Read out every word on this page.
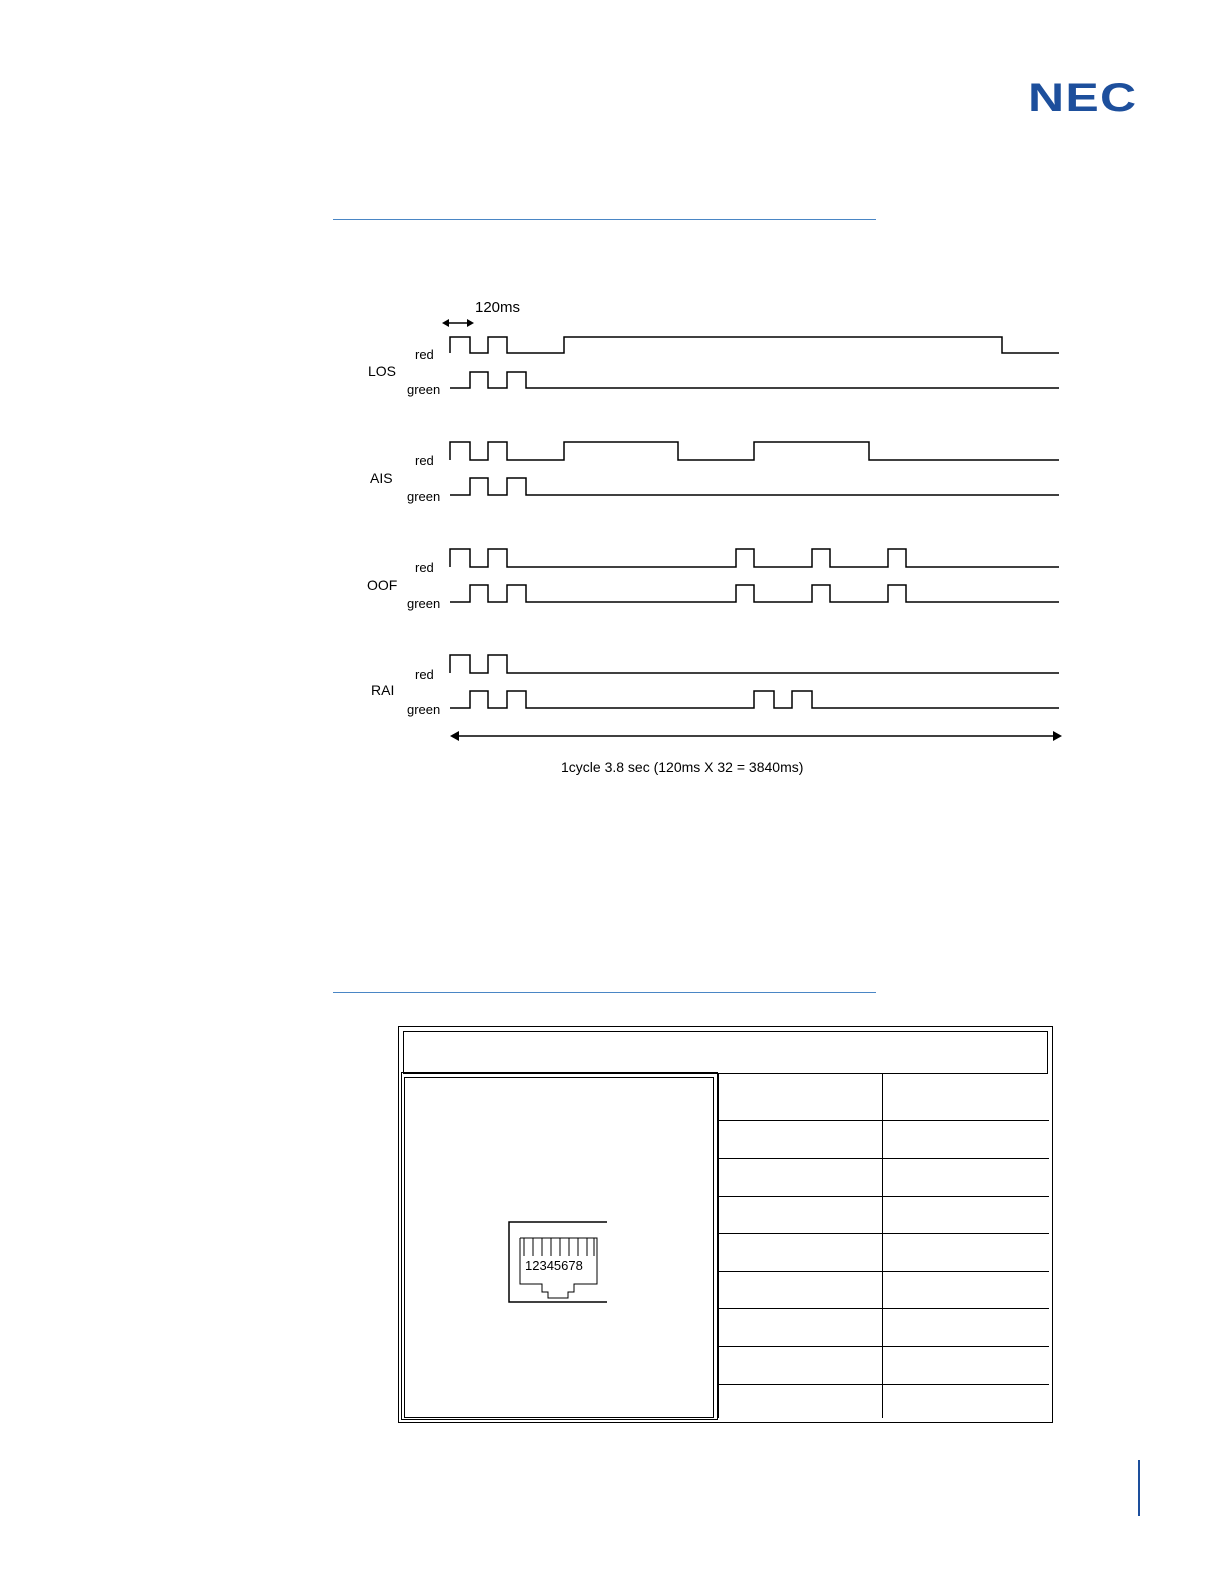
NEC
120ms
LOS
red
green
AIS
red
green
OOF
red
green
RAI
red
green
1cycle 3.8 sec (120ms X 32 = 3840ms)
12345678
